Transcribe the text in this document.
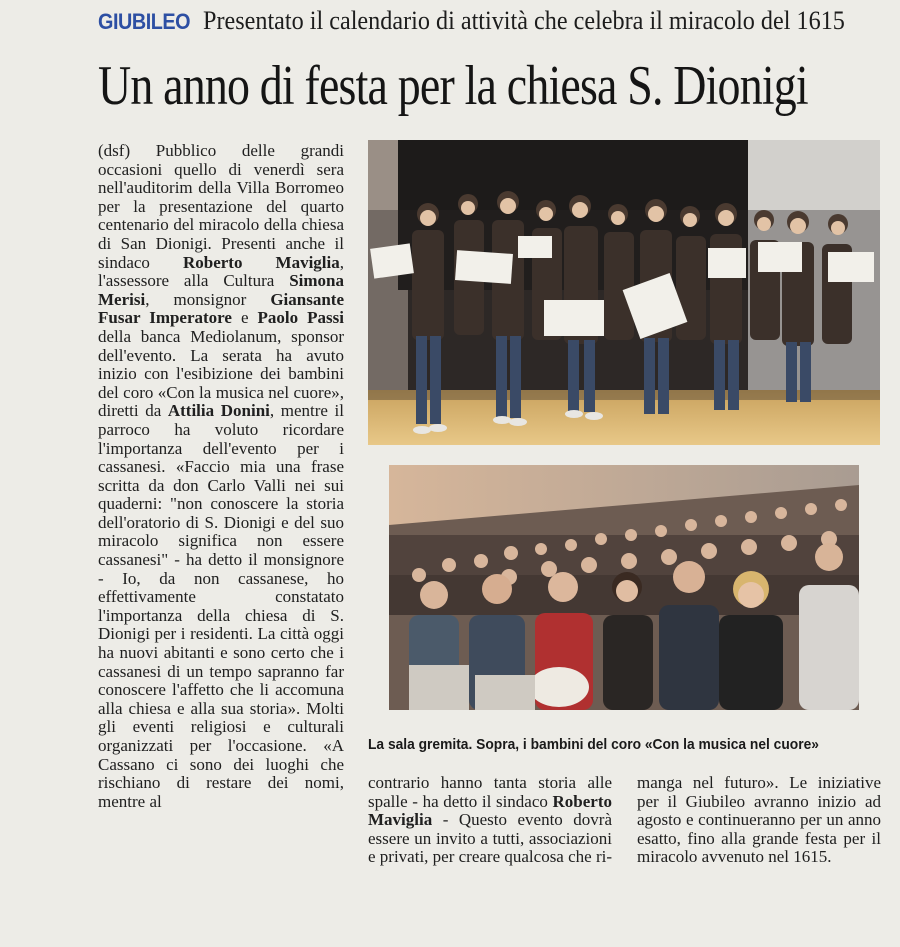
GIUBILEO Presentato il calendario di attività che celebra il miracolo del 1615
Un anno di festa per la chiesa S. Dionigi

(dsf) Pubblico delle grandi occasioni quello di venerdì sera nell'auditorim della Villa Borromeo per la presentazione del quarto centenario del miracolo della chiesa di San Dionigi. Presenti anche il sindaco Roberto Maviglia, l'assessore alla Cultura Simona Merisi, monsignor Giansante Fusar Imperatore e Paolo Passi della banca Mediolanum, sponsor dell'evento. La serata ha avuto inizio con l'esibizione dei bambini del coro «Con la musica nel cuore», diretti da Attilia Donini, mentre il parroco ha voluto ricordare l'importanza dell'evento per i cassanesi. «Faccio mia una frase scritta da don Carlo Valli nei sui quaderni: "non conoscere la storia dell'oratorio di S. Dionigi e del suo miracolo significa non essere cassanesi" - ha detto il monsignore - Io, da non cassanese, ho effettivamente constatato l'importanza della chiesa di S. Dionigi per i residenti. La città oggi ha nuovi abitanti e sono certo che i cassanesi di un tempo sapranno far conoscere l'affetto che li accomuna alla chiesa e alla sua storia». Molti gli eventi religiosi e culturali organizzati per l'occasione. «A Cassano ci sono dei luoghi che rischiano di restare dei nomi, mentre al

La sala gremita. Sopra, i bambini del coro «Con la musica nel cuore»

contrario hanno tanta storia alle spalle - ha detto il sindaco Roberto Maviglia - Questo evento dovrà essere un invito a tutti, associazioni e privati, per creare qualcosa che ri-

manga nel futuro». Le iniziative per il Giubileo avranno inizio ad agosto e continueranno per un anno esatto, fino alla grande festa per il miracolo avvenuto nel 1615.
